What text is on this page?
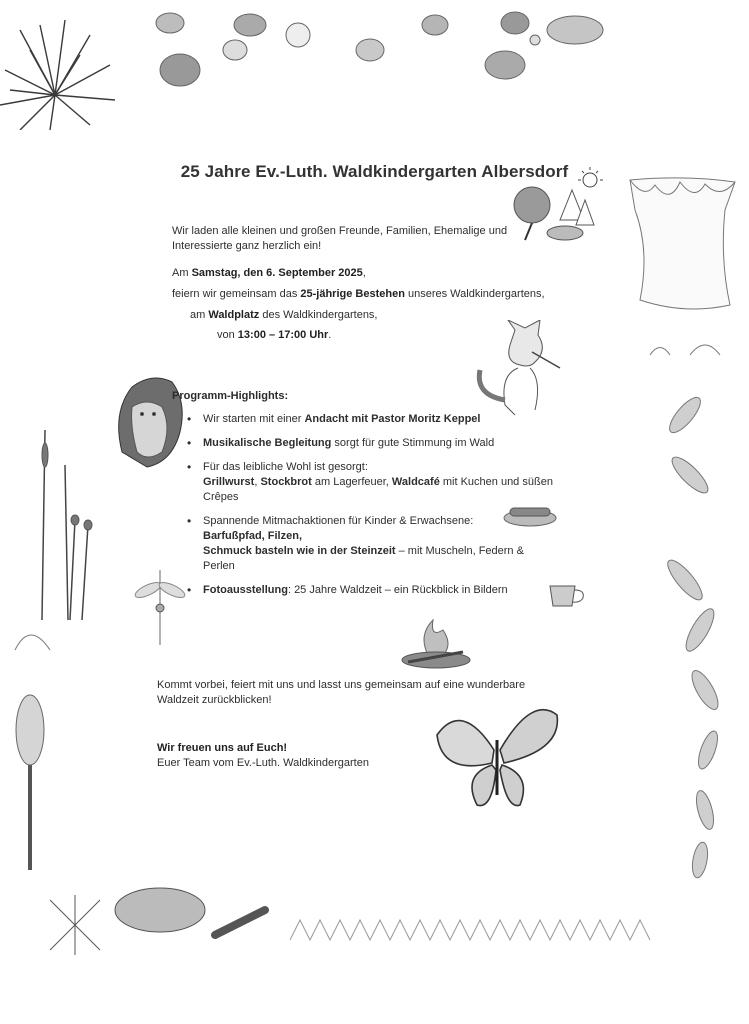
25 Jahre Ev.-Luth. Waldkindergarten Albersdorf
Wir laden alle kleinen und großen Freunde, Familien, Ehemalige und
Interessierte ganz herzlich ein!
Am Samstag, den 6. September 2025,
feiern wir gemeinsam das 25-jährige Bestehen unseres Waldkindergartens,
am Waldplatz des Waldkindergartens,
von 13:00 – 17:00 Uhr.
Programm-Highlights:
• Wir starten mit einer Andacht mit Pastor Moritz Keppel
• Musikalische Begleitung sorgt für gute Stimmung im Wald
• Für das leibliche Wohl ist gesorgt:
Grillwurst, Stockbrot am Lagerfeuer, Waldcafé mit Kuchen und süßen
Crêpes
• Spannende Mitmachaktionen für Kinder & Erwachsene:
Barfußpfad, Filzen,
Schmuck basteln wie in der Steinzeit – mit Muscheln, Federn &
Perlen
• Fotoausstellung: 25 Jahre Waldzeit – ein Rückblick in Bildern
Kommt vorbei, feiert mit uns und lasst uns gemeinsam auf eine wunderbare
Waldzeit zurückblicken!
Wir freuen uns auf Euch!
Euer Team vom Ev.-Luth. Waldkindergarten
